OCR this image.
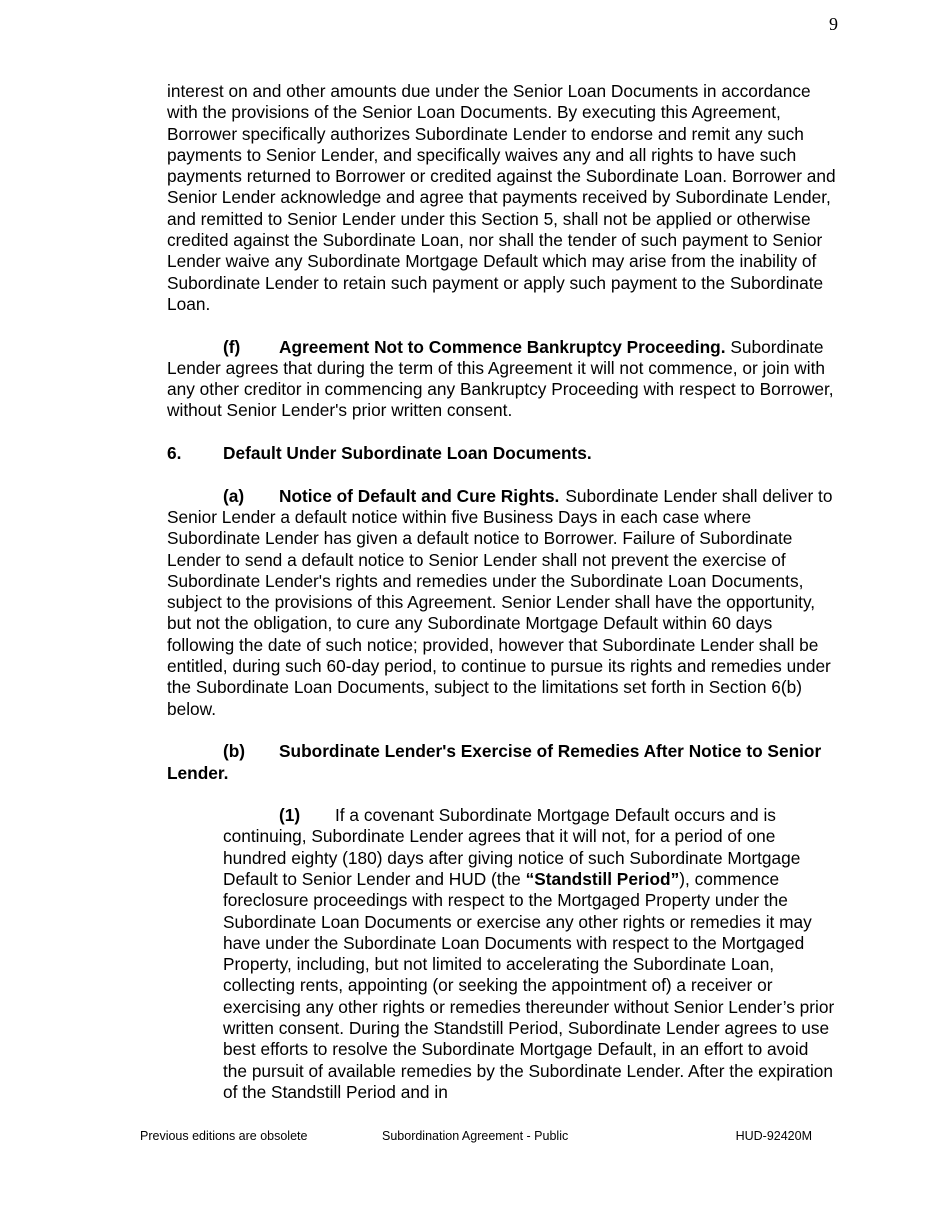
9

interest on and other amounts due under the Senior Loan Documents in accordance with the provisions of the Senior Loan Documents. By executing this Agreement, Borrower specifically authorizes Subordinate Lender to endorse and remit any such payments to Senior Lender, and specifically waives any and all rights to have such payments returned to Borrower or credited against the Subordinate Loan. Borrower and Senior Lender acknowledge and agree that payments received by Subordinate Lender, and remitted to Senior Lender under this Section 5, shall not be applied or otherwise credited against the Subordinate Loan, nor shall the tender of such payment to Senior Lender waive any Subordinate Mortgage Default which may arise from the inability of Subordinate Lender to retain such payment or apply such payment to the Subordinate Loan.

(f) Agreement Not to Commence Bankruptcy Proceeding. Subordinate Lender agrees that during the term of this Agreement it will not commence, or join with any other creditor in commencing any Bankruptcy Proceeding with respect to Borrower, without Senior Lender's prior written consent.

6. Default Under Subordinate Loan Documents.

(a) Notice of Default and Cure Rights. Subordinate Lender shall deliver to Senior Lender a default notice within five Business Days in each case where Subordinate Lender has given a default notice to Borrower. Failure of Subordinate Lender to send a default notice to Senior Lender shall not prevent the exercise of Subordinate Lender's rights and remedies under the Subordinate Loan Documents, subject to the provisions of this Agreement. Senior Lender shall have the opportunity, but not the obligation, to cure any Subordinate Mortgage Default within 60 days following the date of such notice; provided, however that Subordinate Lender shall be entitled, during such 60-day period, to continue to pursue its rights and remedies under the Subordinate Loan Documents, subject to the limitations set forth in Section 6(b) below.

(b) Subordinate Lender's Exercise of Remedies After Notice to Senior Lender.

(1) If a covenant Subordinate Mortgage Default occurs and is continuing, Subordinate Lender agrees that it will not, for a period of one hundred eighty (180) days after giving notice of such Subordinate Mortgage Default to Senior Lender and HUD (the “Standstill Period”), commence foreclosure proceedings with respect to the Mortgaged Property under the Subordinate Loan Documents or exercise any other rights or remedies it may have under the Subordinate Loan Documents with respect to the Mortgaged Property, including, but not limited to accelerating the Subordinate Loan, collecting rents, appointing (or seeking the appointment of) a receiver or exercising any other rights or remedies thereunder without Senior Lender’s prior written consent. During the Standstill Period, Subordinate Lender agrees to use best efforts to resolve the Subordinate Mortgage Default, in an effort to avoid the pursuit of available remedies by the Subordinate Lender. After the expiration of the Standstill Period and in

Previous editions are obsolete	Subordination Agreement - Public	HUD-92420M
